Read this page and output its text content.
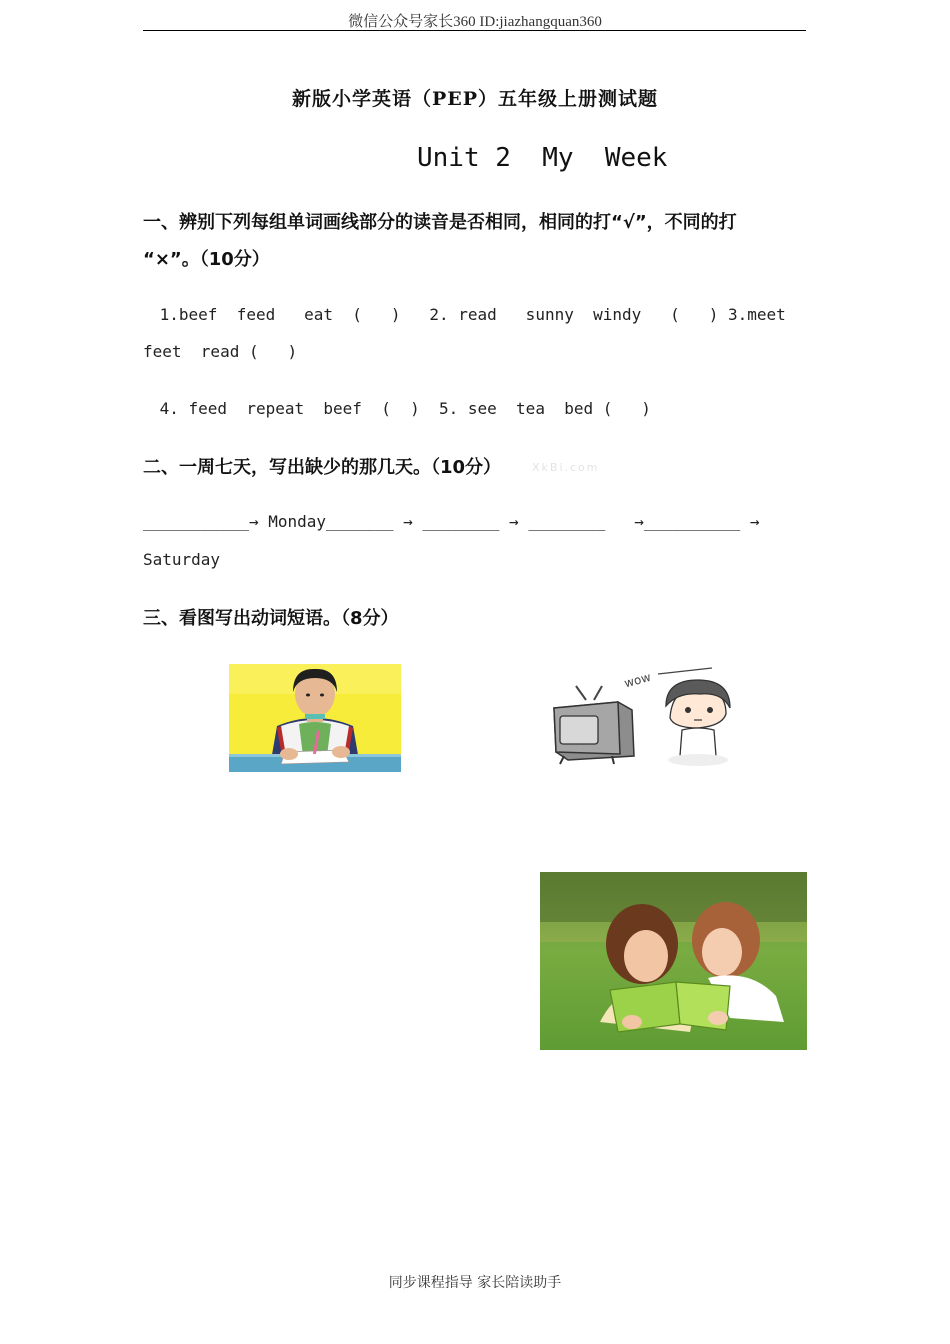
微信公众号家长360 ID:jiazhangquan360
新版小学英语（PEP）五年级上册测试题
Unit 2  My  Week
一、辨别下列每组单词画线部分的读音是否相同，相同的打“√”，不同的打
“×”。（10分）
1.beef  feed   eat  (   )   2. read   sunny  windy   (   ) 3.meet
feet  read (   )
4. feed  repeat  beef  (  )  5. see  tea  bed (   )
二、一周七天，写出缺少的那几天。（10分）	XkBi.com
___________→ Monday_______ → ________ → ________   →__________ →
Saturday
三、看图写出动词短语。（8分）
wow
同步课程指导 家长陪读助手
